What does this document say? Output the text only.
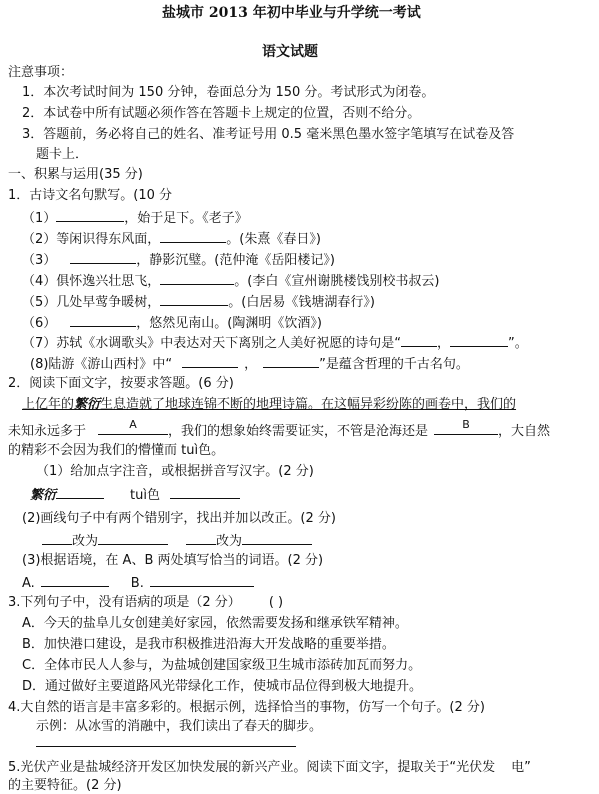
盐城市 2013 年初中毕业与升学统一考试
语文试题
注意事项：
1．本次考试时间为 150 分钟，卷面总分为 150 分。考试形式为闭卷。
2．本试卷中所有试题必须作答在答题卡上规定的位置，否则不给分。
3．答题前，务必将自己的姓名、准考证号用 0.5 毫米黑色墨水签字笔填写在试卷及答
题卡上．
一、积累与运用(35 分)
1．古诗文名句默写。(10 分
（1）	，始于足下。《老子》
（2）等闲识得东风面，	。(朱熹《春日》)
（3）	，静影沉璧。(范仲淹《岳阳楼记》)
（4）俱怀逸兴壮思飞，	。(李白《宣州谢朓楼饯别校书叔云)
（5）几处早莺争暖树，	。(白居易《钱塘湖春行》)
（6）	，悠然见南山。(陶渊明《饮酒》)
（7）苏轼《水调歌头》中表达对天下离别之人美好祝愿的诗句是“	，	”。
(8)陆游《游山西村》中“	，	”是蕴含哲理的千古名句。
2．阅读下面文字，按要求答题。(6 分)
上亿年的繁衍生息造就了地球连锦不断的地理诗篇。在这幅异彩纷陈的画卷中，我们的
未知永远多于	A	，我们的想象始终需要证实，不管是沧海还是	B	，大自然
的精彩不会因为我们的懵懂而 tuì色。
（1）给加点字注音，或根据拼音写汉字。(2 分)
繁衍	tuì色
(2)画线句子中有两个错别字，找出并加以改正。(2 分)
改为	改为
(3)根据语境，在 A、B 两处填写恰当的词语。(2 分)
A.	B.
3.下列句子中，没有语病的项是（2 分） ( )
A．今天的盐阜儿女创建美好家园，依然需要发扬和继承铁军精神。
B．加快港口建设，是我市积极推进沿海大开发战略的重要举措。
C．全体市民人人参与，为盐城创建国家级卫生城市添砖加瓦而努力。
D．通过做好主要道路风光带绿化工作，使城市品位得到极大地提升。
4.大自然的语言是丰富多彩的。根据示例，选择恰当的事物，仿写一个句子。(2 分)
示例：从冰雪的消融中，我们读出了春天的脚步。
5.光伏产业是盐城经济开发区加快发展的新兴产业。阅读下面文字，提取关于“光伏发 电”
的主要特征。(2 分)
